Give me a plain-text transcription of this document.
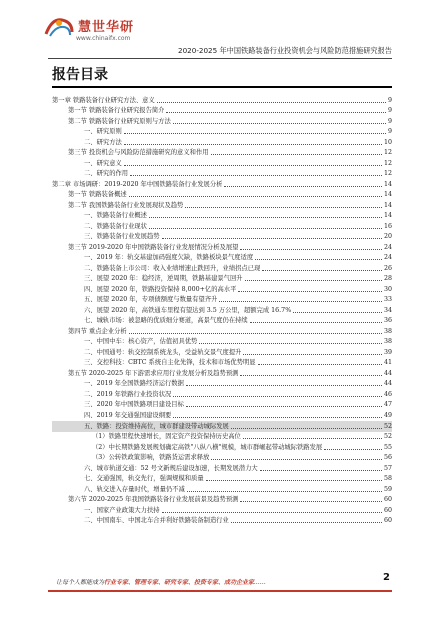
慧世华研
www.chinaifx.com
2020-2025 年中国铁路装备行业投资机会与风险防范措施研究报告
报告目录
第一章 铁路装备行业研究方法、意义	9
第一节 铁路装备行业研究报告简介	9
第二节 铁路装备行业研究原则与方法	9
一、研究原则	9
二、研究方法	10
第三节 投资机会与风险防范措施研究的意义和作用	12
一、研究意义	12
二、研究的作用	12
第二章 市场调研：2019-2020 年中国铁路装备行业发展分析	14
第一节 铁路装备概述	14
第二节 我国铁路装备行业发展现状及趋势	14
一、铁路装备行业概述	14
二、铁路装备行业现状	16
三、铁路装备行业发展趋势	20
第三节 2019-2020 年中国铁路装备行业发展情况分析及展望	24
一、2019 年：轨交基建加码强度欠缺，铁路板块景气度适度	24
二、铁路装备上市公司：收入业绩增速止跌回升，业绩拐点已现	26
三、展望 2020 年：稳经济，逆周期，铁路基建景气回升	28
四、展望 2020 年，铁路投资保持 8,000+亿的高水平	30
五、展望 2020 年，专项债额度与数量有望齐升	33
六、展望 2020 年，高铁通车里程有望达到 3.5 万公里，超额完成 16.7%	34
七、城轨市场：被忽略的优质细分赛道，高景气度仍在持续	36
第四节 重点企业分析	38
一、中国中车：核心资产，估值初具优势	38
二、中国通号：轨交控制系统龙头，受益轨交景气度提升	39
三、交控科技：CBTC 系统自主化先锋，技术和市场优势明显	41
第五节 2020-2025 年下游需求应用行业发展分析及趋势预测	44
一、2019 年全国铁路经济运行数据	44
二、2019 年铁路行业投资状况	46
三、2020 年中国铁路项目建设目标	47
四、2019 年交通强国建设纲要	49
五、铁路：投资维持高位，城市群建设带动城际发展	52
（1）铁路里程快速增长，固定资产投资保持历史高位	52
（2）中长期铁路发展规划确定高铁"八纵八横"规模，城市群崛起带动城际铁路发展	55
（3）公转铁政策影响，铁路货运需求释放	56
六、城市轨道交通：52 号文新规后建设加速，长期发展潜力大	57
七、交通强国，轨交先行，强调规模和质量	58
八、轨交进入存量时代，增量仍不减	59
第六节 2020-2025 年我国铁路装备行业发展前景及趋势预测	60
一、国家产业政策大力扶持	60
二、中国南车、中国北车合并利好铁路装备制造行业	60
让每个人都能成为行业专家、管理专家、研究专家、投资专家、成功企业家……	2
